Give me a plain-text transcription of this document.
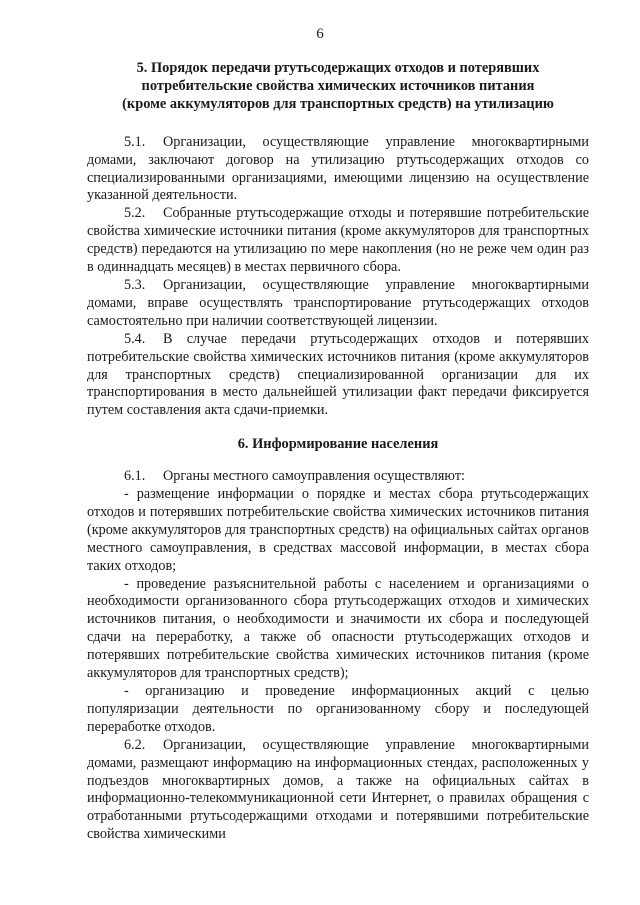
6

5. Порядок передачи ртутьсодержащих отходов и потерявших
потребительские свойства химических источников питания
(кроме аккумуляторов для транспортных средств) на утилизацию

5.1. Организации, осуществляющие управление многоквартирными домами, заключают договор на утилизацию ртутьсодержащих отходов со специализированными организациями, имеющими лицензию на осуществление указанной деятельности.

5.2. Собранные ртутьсодержащие отходы и потерявшие потребительские свойства химические источники питания (кроме аккумуляторов для транспортных средств) передаются на утилизацию по мере накопления (но не реже чем один раз в одиннадцать месяцев) в местах первичного сбора.

5.3. Организации, осуществляющие управление многоквартирными домами, вправе осуществлять транспортирование ртутьсодержащих отходов самостоятельно при наличии соответствующей лицензии.

5.4. В случае передачи ртутьсодержащих отходов и потерявших потребительские свойства химических источников питания (кроме аккумуляторов для транспортных средств) специализированной организации для их транспортирования в место дальнейшей утилизации факт передачи фиксируется путем составления акта сдачи-приемки.

6. Информирование населения

6.1. Органы местного самоуправления осуществляют:

- размещение информации о порядке и местах сбора ртутьсодержащих отходов и потерявших потребительские свойства химических источников питания (кроме аккумуляторов для транспортных средств) на официальных сайтах органов местного самоуправления, в средствах массовой информации, в местах сбора таких отходов;

- проведение разъяснительной работы с населением и организациями о необходимости организованного сбора ртутьсодержащих отходов и химических источников питания, о необходимости и значимости их сбора и последующей сдачи на переработку, а также об опасности ртутьсодержащих отходов и потерявших потребительские свойства химических источников питания (кроме аккумуляторов для транспортных средств);

- организацию и проведение информационных акций с целью популяризации деятельности по организованному сбору и последующей переработке отходов.

6.2. Организации, осуществляющие управление многоквартирными домами, размещают информацию на информационных стендах, расположенных у подъездов многоквартирных домов, а также на официальных сайтах в информационно-телекоммуникационной сети Интернет, о правилах обращения с отработанными ртутьсодержащими отходами и потерявшими потребительские свойства химическими
